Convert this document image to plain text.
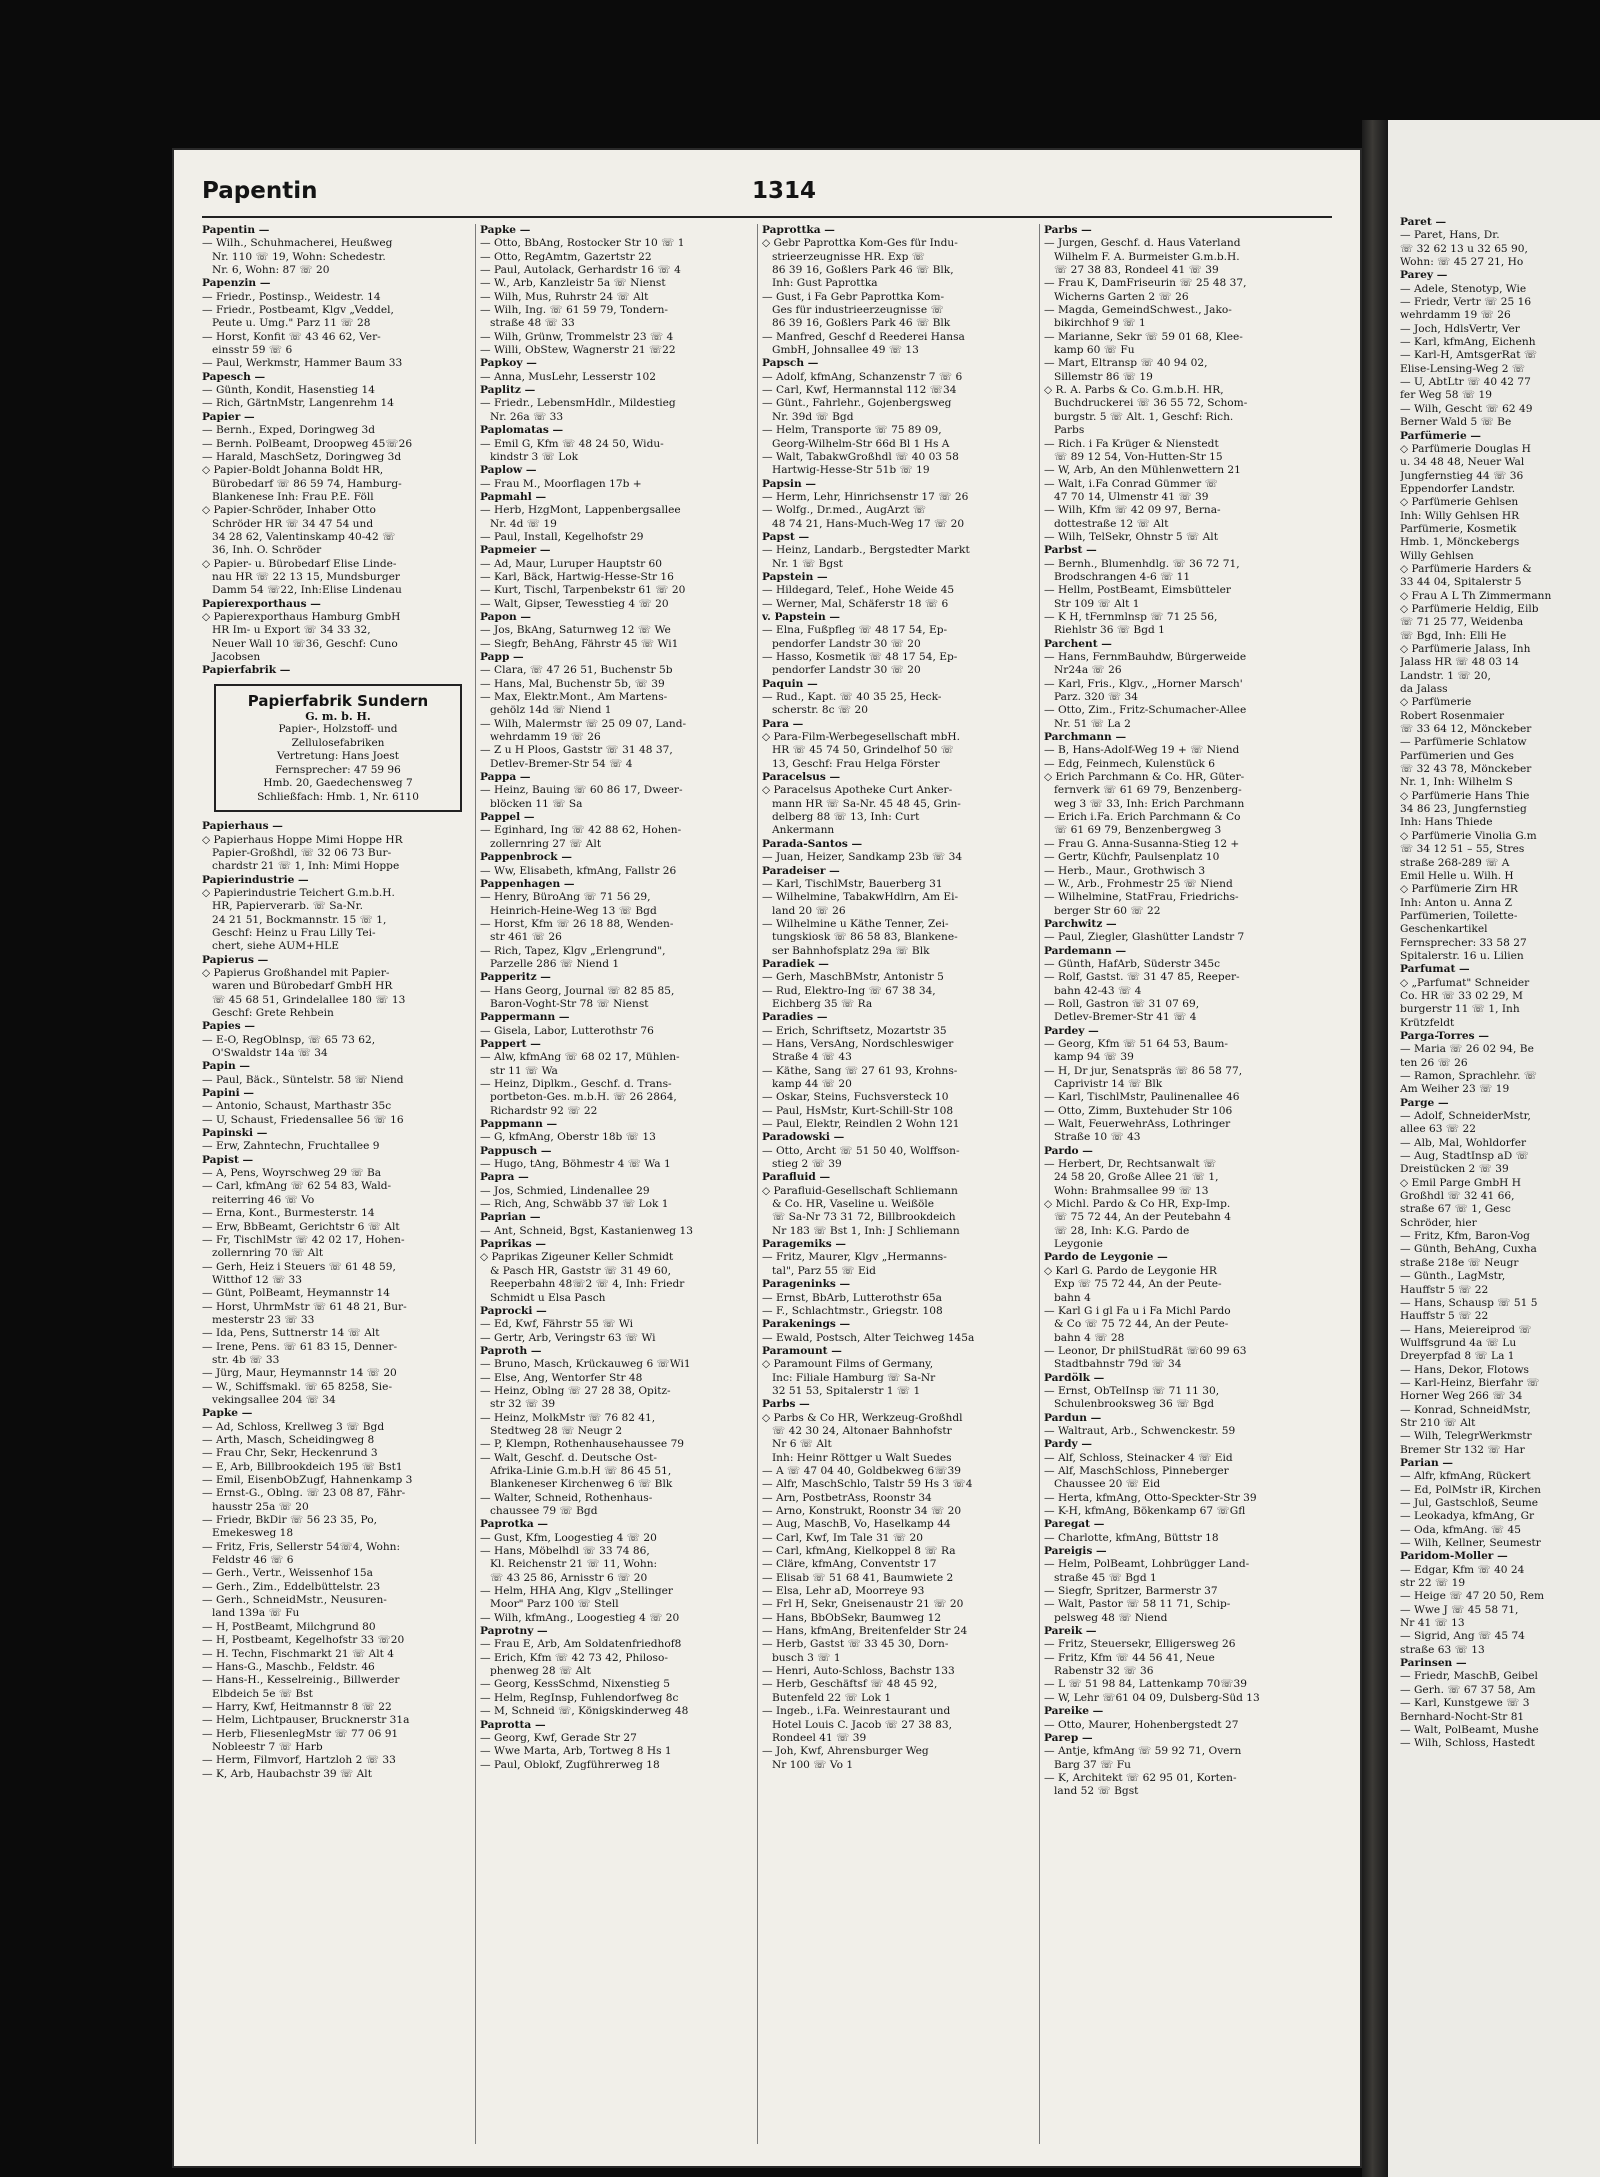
Papentin	1314
Papentin —
— Wilh., Schuhmacherei, Heußweg
Nr. 110 ☏ 19, Wohn: Schedestr.
Nr. 6, Wohn: 87 ☏ 20
Papenzin —
— Friedr., Postinsp., Weidestr. 14
— Friedr., Postbeamt, Klgv „Veddel,
Peute u. Umg." Parz 11 ☏ 28
— Horst, Konfit ☏ 43 46 62, Ver-
einsstr 59 ☏ 6
— Paul, Werkmstr, Hammer Baum 33
Papesch —
— Günth, Kondit, Hasenstieg 14
— Rich, GärtnMstr, Langenrehm 14
Papier —
— Bernh., Exped, Doringweg 3d
— Bernh. PolBeamt, Droopweg 45☏26
— Harald, MaschSetz, Doringweg 3d
◇ Papier-Boldt Johanna Boldt HR,
Bürobedarf ☏ 86 59 74, Hamburg-
Blankenese Inh: Frau P.E. Föll
◇ Papier-Schröder, Inhaber Otto
Schröder HR ☏ 34 47 54 und
34 28 62, Valentinskamp 40-42 ☏
36, Inh. O. Schröder
◇ Papier- u. Bürobedarf Elise Linde-
nau HR ☏ 22 13 15, Mundsburger
Damm 54 ☏22, Inh:Elise Lindenau
Papierexporthaus —
◇ Papierexporthaus Hamburg GmbH
HR Im- u Export ☏ 34 33 32,
Neuer Wall 10 ☏36, Geschf: Cuno
Jacobsen
Papierfabrik —
Papierfabrik Sundern
G. m. b. H.
Papier-, Holzstoff- und
Zellulosefabriken
Vertretung: Hans Joest
Fernsprecher: 47 59 96
Hmb. 20, Gaedechensweg 7
Schließfach: Hmb. 1, Nr. 6110
Papierhaus —
◇ Papierhaus Hoppe Mimi Hoppe HR
Papier-Großhdl, ☏ 32 06 73 Bur-
chardstr 21 ☏ 1, Inh: Mimi Hoppe
Papierindustrie —
◇ Papierindustrie Teichert G.m.b.H.
HR, Papierverarb. ☏ Sa-Nr.
24 21 51, Bockmannstr. 15 ☏ 1,
Geschf: Heinz u Frau Lilly Tei-
chert, siehe AUM+HLE
Papierus —
◇ Papierus Großhandel mit Papier-
waren und Bürobedarf GmbH HR
☏ 45 68 51, Grindelallee 180 ☏ 13
Geschf: Grete Rehbein
Papies —
— E-O, RegOblnsp, ☏ 65 73 62,
O'Swaldstr 14a ☏ 34
Papin —
— Paul, Bäck., Süntelstr. 58 ☏ Niend
Papini —
— Antonio, Schaust, Marthastr 35c
— U, Schaust, Friedensallee 56 ☏ 16
Papinski —
— Erw, Zahntechn, Fruchtallee 9
Papist —
— A, Pens, Woyrschweg 29 ☏ Ba
— Carl, kfmAng ☏ 62 54 83, Wald-
reiterring 46 ☏ Vo
— Erna, Kont., Burmesterstr. 14
— Erw, BbBeamt, Gerichtstr 6 ☏ Alt
— Fr, TischlMstr ☏ 42 02 17, Hohen-
zollernring 70 ☏ Alt
— Gerh, Heiz i Steuers ☏ 61 48 59,
Witthof 12 ☏ 33
— Günt, PolBeamt, Heymannstr 14
— Horst, UhrmMstr ☏ 61 48 21, Bur-
mesterstr 23 ☏ 33
— Ida, Pens, Suttnerstr 14 ☏ Alt
— Irene, Pens. ☏ 61 83 15, Denner-
str. 4b ☏ 33
— Jürg, Maur, Heymannstr 14 ☏ 20
— W., Schiffsmakl. ☏ 65 8258, Sie-
vekingsallee 204 ☏ 34
Papke —
— Ad, Schloss, Krellweg 3 ☏ Bgd
— Arth, Masch, Scheidingweg 8
— Frau Chr, Sekr, Heckenrund 3
— E, Arb, Billbrookdeich 195 ☏ Bst1
— Emil, EisenbObZugf, Hahnenkamp 3
— Ernst-G., Oblng. ☏ 23 08 87, Fähr-
hausstr 25a ☏ 20
— Friedr, BkDir ☏ 56 23 35, Po,
Emekesweg 18
— Fritz, Fris, Sellerstr 54☏4, Wohn:
Feldstr 46 ☏ 6
— Gerh., Vertr., Weissenhof 15a
— Gerh., Zim., Eddelbüttelstr. 23
— Gerh., SchneidMstr., Neusuren-
land 139a ☏ Fu
— H, PostBeamt, Milchgrund 80
— H, Postbeamt, Kegelhofstr 33 ☏20
— H. Techn, Fischmarkt 21 ☏ Alt 4
— Hans-G., Maschb., Feldstr. 46
— Hans-H., Kesselreinig., Billwerder
Elbdeich 5e ☏ Bst
— Harry, Kwf, Heitmannstr 8 ☏ 22
— Helm, Lichtpauser, Brucknerstr 31a
— Herb, FliesenlegMstr ☏ 77 06 91
Nobleestr 7 ☏ Harb
— Herm, Filmvorf, Hartzloh 2 ☏ 33
— K, Arb, Haubachstr 39 ☏ Alt
Papke —
— Otto, BbAng, Rostocker Str 10 ☏ 1
— Otto, RegAmtm, Gazertstr 22
— Paul, Autolack, Gerhardstr 16 ☏ 4
— W., Arb, Kanzleistr 5a ☏ Nienst
— Wilh, Mus, Ruhrstr 24 ☏ Alt
— Wilh, Ing. ☏ 61 59 79, Tondern-
straße 48 ☏ 33
— Wilh, Grünw, Trommelstr 23 ☏ 4
— Willi, ObStew, Wagnerstr 21 ☏22
Papkoy —
— Anna, MusLehr, Lesserstr 102
Paplitz —
— Friedr., LebensmHdlr., Mildestieg
Nr. 26a ☏ 33
Paplomatas —
— Emil G, Kfm ☏ 48 24 50, Widu-
kindstr 3 ☏ Lok
Paplow —
— Frau M., Moorflagen 17b +
Papmahl —
— Herb, HzgMont, Lappenbergsallee
Nr. 4d ☏ 19
— Paul, Install, Kegelhofstr 29
Papmeier —
— Ad, Maur, Luruper Hauptstr 60
— Karl, Bäck, Hartwig-Hesse-Str 16
— Kurt, Tischl, Tarpenbekstr 61 ☏ 20
— Walt, Gipser, Tewesstieg 4 ☏ 20
Papon —
— Jos, BkAng, Saturnweg 12 ☏ We
— Siegfr, BehAng, Fährstr 45 ☏ Wi1
Papp —
— Clara, ☏ 47 26 51, Buchenstr 5b
— Hans, Mal, Buchenstr 5b, ☏ 39
— Max, Elektr.Mont., Am Martens-
gehölz 14d ☏ Niend 1
— Wilh, Malermstr ☏ 25 09 07, Land-
wehrdamm 19 ☏ 26
— Z u H Ploos, Gaststr ☏ 31 48 37,
Detlev-Bremer-Str 54 ☏ 4
Pappa —
— Heinz, Bauing ☏ 60 86 17, Dweer-
blöcken 11 ☏ Sa
Pappel —
— Eginhard, Ing ☏ 42 88 62, Hohen-
zollernring 27 ☏ Alt
Pappenbrock —
— Ww, Elisabeth, kfmAng, Fallstr 26
Pappenhagen —
— Henry, BüroAng ☏ 71 56 29,
Heinrich-Heine-Weg 13 ☏ Bgd
— Horst, Kfm ☏ 26 18 88, Wenden-
str 461 ☏ 26
— Rich, Tapez, Klgv „Erlengrund",
Parzelle 286 ☏ Niend 1
Papperitz —
— Hans Georg, Journal ☏ 82 85 85,
Baron-Voght-Str 78 ☏ Nienst
Pappermann —
— Gisela, Labor, Lutterothstr 76
Pappert —
— Alw, kfmAng ☏ 68 02 17, Mühlen-
str 11 ☏ Wa
— Heinz, Diplkm., Geschf. d. Trans-
portbeton-Ges. m.b.H. ☏ 26 2864,
Richardstr 92 ☏ 22
Pappmann —
— G, kfmAng, Oberstr 18b ☏ 13
Pappusch —
— Hugo, tAng, Böhmestr 4 ☏ Wa 1
Papra —
— Jos, Schmied, Lindenallee 29
— Rich, Ang, Schwäbb 37 ☏ Lok 1
Paprian —
— Ant, Schneid, Bgst, Kastanienweg 13
Paprikas —
◇ Paprikas Zigeuner Keller Schmidt
& Pasch HR, Gaststr ☏ 31 49 60,
Reeperbahn 48☏2 ☏ 4, Inh: Friedr
Schmidt u Elsa Pasch
Paprocki —
— Ed, Kwf, Fährstr 55 ☏ Wi
— Gertr, Arb, Veringstr 63 ☏ Wi
Paproth —
— Bruno, Masch, Krückauweg 6 ☏Wi1
— Else, Ang, Wentorfer Str 48
— Heinz, Oblng ☏ 27 28 38, Opitz-
str 32 ☏ 39
— Heinz, MolkMstr ☏ 76 82 41,
Stedtweg 28 ☏ Neugr 2
— P, Klempn, Rothenhausehaussee 79
— Walt, Geschf. d. Deutsche Ost-
Afrika-Linie G.m.b.H ☏ 86 45 51,
Blankeneser Kirchenweg 6 ☏ Blk
— Walter, Schneid, Rothenhaus-
chaussee 79 ☏ Bgd
Paprotka —
— Gust, Kfm, Loogestieg 4 ☏ 20
— Hans, Möbelhdl ☏ 33 74 86,
Kl. Reichenstr 21 ☏ 11, Wohn:
☏ 43 25 86, Arnisstr 6 ☏ 20
— Helm, HHA Ang, Klgv „Stellinger
Moor" Parz 100 ☏ Stell
— Wilh, kfmAng., Loogestieg 4 ☏ 20
Paprotny —
— Frau E, Arb, Am Soldatenfriedhof8
— Erich, Kfm ☏ 42 73 42, Philoso-
phenweg 28 ☏ Alt
— Georg, KessSchmd, Nixenstieg 5
— Helm, RegInsp, Fuhlendorfweg 8c
— M, Schneid ☏, Königskinderweg 48
Paprotta —
— Georg, Kwf, Gerade Str 27
— Wwe Marta, Arb, Tortweg 8 Hs 1
— Paul, Oblokf, Zugführerweg 18
Paprottka —
◇ Gebr Paprottka Kom-Ges für Indu-
strieerzeugnisse HR. Exp ☏
86 39 16, Goßlers Park 46 ☏ Blk,
Inh: Gust Paprottka
— Gust, i Fa Gebr Paprottka Kom-
Ges für industrieerzeugnisse ☏
86 39 16, Goßlers Park 46 ☏ Blk
— Manfred, Geschf d Reederei Hansa
GmbH, Johnsallee 49 ☏ 13
Papsch —
— Adolf, kfmAng, Schanzenstr 7 ☏ 6
— Carl, Kwf, Hermannstal 112 ☏34
— Günt., Fahrlehr., Gojenbergsweg
Nr. 39d ☏ Bgd
— Helm, Transporte ☏ 75 89 09,
Georg-Wilhelm-Str 66d Bl 1 Hs A
— Walt, TabakwGroßhdl ☏ 40 03 58
Hartwig-Hesse-Str 51b ☏ 19
Papsin —
— Herm, Lehr, Hinrichsenstr 17 ☏ 26
— Wolfg., Dr.med., AugArzt ☏
48 74 21, Hans-Much-Weg 17 ☏ 20
Papst —
— Heinz, Landarb., Bergstedter Markt
Nr. 1 ☏ Bgst
Papstein —
— Hildegard, Telef., Hohe Weide 45
— Werner, Mal, Schäferstr 18 ☏ 6
v. Papstein —
— Elna, Fußpfleg ☏ 48 17 54, Ep-
pendorfer Landstr 30 ☏ 20
— Hasso, Kosmetik ☏ 48 17 54, Ep-
pendorfer Landstr 30 ☏ 20
Paquin —
— Rud., Kapt. ☏ 40 35 25, Heck-
scherstr. 8c ☏ 20
Para —
◇ Para-Film-Werbegesellschaft mbH.
HR ☏ 45 74 50, Grindelhof 50 ☏
13, Geschf: Frau Helga Förster
Paracelsus —
◇ Paracelsus Apotheke Curt Anker-
mann HR ☏ Sa-Nr. 45 48 45, Grin-
delberg 88 ☏ 13, Inh: Curt
Ankermann
Parada-Santos —
— Juan, Heizer, Sandkamp 23b ☏ 34
Paradeiser —
— Karl, TischlMstr, Bauerberg 31
— Wilhelmine, TabakwHdlrn, Am Ei-
land 20 ☏ 26
— Wilhelmine u Käthe Tenner, Zei-
tungskiosk ☏ 86 58 83, Blankene-
ser Bahnhofsplatz 29a ☏ Blk
Paradiek —
— Gerh, MaschBMstr, Antonistr 5
— Rud, Elektro-Ing ☏ 67 38 34,
Eichberg 35 ☏ Ra
Paradies —
— Erich, Schriftsetz, Mozartstr 35
— Hans, VersAng, Nordschleswiger
Straße 4 ☏ 43
— Käthe, Sang ☏ 27 61 93, Krohns-
kamp 44 ☏ 20
— Oskar, Steins, Fuchsversteck 10
— Paul, HsMstr, Kurt-Schill-Str 108
— Paul, Elektr, Reindlen 2 Wohn 121
Paradowski —
— Otto, Archt ☏ 51 50 40, Wolffson-
stieg 2 ☏ 39
Parafluid —
◇ Parafluid-Gesellschaft Schliemann
& Co. HR, Vaseline u. Weißöle
☏ Sa-Nr 73 31 72, Billbrookdeich
Nr 183 ☏ Bst 1, Inh: J Schliemann
Paragemiks —
— Fritz, Maurer, Klgv „Hermanns-
tal", Parz 55 ☏ Eid
Parageninks —
— Ernst, BbArb, Lutterothstr 65a
— F., Schlachtmstr., Griegstr. 108
Parakenings —
— Ewald, Postsch, Alter Teichweg 145a
Paramount —
◇ Paramount Films of Germany,
Inc: Filiale Hamburg ☏ Sa-Nr
32 51 53, Spitalerstr 1 ☏ 1
Parbs —
◇ Parbs & Co HR, Werkzeug-Großhdl
☏ 42 30 24, Altonaer Bahnhofstr
Nr 6 ☏ Alt
Inh: Heinr Röttger u Walt Suedes
— A ☏ 47 04 40, Goldbekweg 6☏39
— Alfr, MaschSchlo, Talstr 59 Hs 3 ☏4
— Arn, PostbetrAss, Roonstr 34
— Arno, Konstrukt, Roonstr 34 ☏ 20
— Aug, MaschB, Vo, Haselkamp 44
— Carl, Kwf, Im Tale 31 ☏ 20
— Carl, kfmAng, Kielkoppel 8 ☏ Ra
— Cläre, kfmAng, Conventstr 17
— Elisab ☏ 51 68 41, Baumwiete 2
— Elsa, Lehr aD, Moorreye 93
— Frl H, Sekr, Gneisenaustr 21 ☏ 20
— Hans, BbObSekr, Baumweg 12
— Hans, kfmAng, Breitenfelder Str 24
— Herb, Gastst ☏ 33 45 30, Dorn-
busch 3 ☏ 1
— Henri, Auto-Schloss, Bachstr 133
— Herb, Geschäftsf ☏ 48 45 92,
Butenfeld 22 ☏ Lok 1
— Ingeb., i.Fa. Weinrestaurant und
Hotel Louis C. Jacob ☏ 27 38 83,
Rondeel 41 ☏ 39
— Joh, Kwf, Ahrensburger Weg
Nr 100 ☏ Vo 1
Parbs —
— Jurgen, Geschf. d. Haus Vaterland
Wilhelm F. A. Burmeister G.m.b.H.
☏ 27 38 83, Rondeel 41 ☏ 39
— Frau K, DamFriseurin ☏ 25 48 37,
Wicherns Garten 2 ☏ 26
— Magda, GemeindSchwest., Jako-
bikirchhof 9 ☏ 1
— Marianne, Sekr ☏ 59 01 68, Klee-
kamp 60 ☏ Fu
— Mart, Eltransp ☏ 40 94 02,
Sillemstr 86 ☏ 19
◇ R. A. Parbs & Co. G.m.b.H. HR,
Buchdruckerei ☏ 36 55 72, Schom-
burgstr. 5 ☏ Alt. 1, Geschf: Rich.
Parbs
— Rich. i Fa Krüger & Nienstedt
☏ 89 12 54, Von-Hutten-Str 15
— W, Arb, An den Mühlenwettern 21
— Walt, i.Fa Conrad Gümmer ☏
47 70 14, Ulmenstr 41 ☏ 39
— Wilh, Kfm ☏ 42 09 97, Berna-
dottestraße 12 ☏ Alt
— Wilh, TelSekr, Ohnstr 5 ☏ Alt
Parbst —
— Bernh., Blumenhdlg. ☏ 36 72 71,
Brodschrangen 4-6 ☏ 11
— Hellm, PostBeamt, Eimsbütteler
Str 109 ☏ Alt 1
— K H, tFernmlnsp ☏ 71 25 56,
Riehlstr 36 ☏ Bgd 1
Parchent —
— Hans, FernmBauhdw, Bürgerweide
Nr24a ☏ 26
— Karl, Fris., Klgv., „Horner Marsch'
Parz. 320 ☏ 34
— Otto, Zim., Fritz-Schumacher-Allee
Nr. 51 ☏ La 2
Parchmann —
— B, Hans-Adolf-Weg 19 + ☏ Niend
— Edg, Feinmech, Kulenstück 6
◇ Erich Parchmann & Co. HR, Güter-
fernverk ☏ 61 69 79, Benzenberg-
weg 3 ☏ 33, Inh: Erich Parchmann
— Erich i.Fa. Erich Parchmann & Co
☏ 61 69 79, Benzenbergweg 3
— Frau G. Anna-Susanna-Stieg 12 +
— Gertr, Küchfr, Paulsenplatz 10
— Herb., Maur., Grothwisch 3
— W., Arb., Frohmestr 25 ☏ Niend
— Wilhelmine, StatFrau, Friedrichs-
berger Str 60 ☏ 22
Parchwitz —
— Paul, Ziegler, Glashütter Landstr 7
Pardemann —
— Günth, HafArb, Süderstr 345c
— Rolf, Gastst. ☏ 31 47 85, Reeper-
bahn 42-43 ☏ 4
— Roll, Gastron ☏ 31 07 69,
Detlev-Bremer-Str 41 ☏ 4
Pardey —
— Georg, Kfm ☏ 51 64 53, Baum-
kamp 94 ☏ 39
— H, Dr jur, Senatspräs ☏ 86 58 77,
Caprivistr 14 ☏ Blk
— Karl, TischlMstr, Paulinenallee 46
— Otto, Zimm, Buxtehuder Str 106
— Walt, FeuerwehrAss, Lothringer
Straße 10 ☏ 43
Pardo —
— Herbert, Dr, Rechtsanwalt ☏
24 58 20, Große Allee 21 ☏ 1,
Wohn: Brahmsallee 99 ☏ 13
◇ Michl. Pardo & Co HR, Exp-Imp.
☏ 75 72 44, An der Peutebahn 4
☏ 28, Inh: K.G. Pardo de
Leygonie
Pardo de Leygonie —
◇ Karl G. Pardo de Leygonie HR
Exp ☏ 75 72 44, An der Peute-
bahn 4
— Karl G i gl Fa u i Fa Michl Pardo
& Co ☏ 75 72 44, An der Peute-
bahn 4 ☏ 28
— Leonor, Dr philStudRät ☏60 99 63
Stadtbahnstr 79d ☏ 34
Pardölk —
— Ernst, ObTelInsp ☏ 71 11 30,
Schulenbrooksweg 36 ☏ Bgd
Pardun —
— Waltraut, Arb., Schwenckestr. 59
Pardy —
— Alf, Schloss, Steinacker 4 ☏ Eid
— Alf, MaschSchloss, Pinneberger
Chaussee 20 ☏ Eid
— Herta, kfmAng, Otto-Speckter-Str 39
— K-H, kfmAng, Bökenkamp 67 ☏Gfl
Paregat —
— Charlotte, kfmAng, Büttstr 18
Pareigis —
— Helm, PolBeamt, Lohbrügger Land-
straße 45 ☏ Bgd 1
— Siegfr, Spritzer, Barmerstr 37
— Walt, Pastor ☏ 58 11 71, Schip-
pelsweg 48 ☏ Niend
Pareik —
— Fritz, Steuersekr, Elligersweg 26
— Fritz, Kfm ☏ 44 56 41, Neue
Rabenstr 32 ☏ 36
— L ☏ 51 98 84, Lattenkamp 70☏39
— W, Lehr ☏61 04 09, Dulsberg-Süd 13
Pareike —
— Otto, Maurer, Hohenbergstedt 27
Parep —
— Antje, kfmAng ☏ 59 92 71, Overn
Barg 37 ☏ Fu
— K, Architekt ☏ 62 95 01, Korten-
land 52 ☏ Bgst
Paret —
— Paret, Hans, Dr.
☏ 32 62 13 u 32 65 90,
Wohn: ☏ 45 27 21, Ho
Parey —
— Adele, Stenotyp, Wie
— Friedr, Vertr ☏ 25 16
wehrdamm 19 ☏ 26
— Joch, HdlsVertr, Ver
— Karl, kfmAng, Eichenh
— Karl-H, AmtsgerRat ☏
Elise-Lensing-Weg 2 ☏
— U, AbtLtr ☏ 40 42 77
fer Weg 58 ☏ 19
— Wilh, Gescht ☏ 62 49
Berner Wald 5 ☏ Be
Parfümerie —
◇ Parfümerie Douglas H
u. 34 48 48, Neuer Wal
Jungfernstieg 44 ☏ 36
Eppendorfer Landstr.
◇ Parfümerie Gehlsen
Inh: Willy Gehlsen HR
Parfümerie, Kosmetik
Hmb. 1, Mönckebergs
Willy Gehlsen
◇ Parfümerie Harders &
33 44 04, Spitalerstr 5
◇ Frau A L Th Zimmermann
◇ Parfümerie Heldig, Eilb
☏ 71 25 77, Weidenba
☏ Bgd, Inh: Elli He
◇ Parfümerie Jalass, Inh
Jalass HR ☏ 48 03 14
Landstr. 1 ☏ 20,
da Jalass
◇ Parfümerie
Robert Rosenmaier
☏ 33 64 12, Mönckeber
— Parfümerie Schlatow
Parfümerien und Ges
☏ 32 43 78, Mönckeber
Nr. 1, Inh: Wilhelm S
◇ Parfümerie Hans Thie
34 86 23, Jungfernstieg
Inh: Hans Thiede
◇ Parfümerie Vinolia G.m
☏ 34 12 51 – 55, Stres
straße 268-289 ☏ A
Emil Helle u. Wilh. H
◇ Parfümerie Zirn HR
Inh: Anton u. Anna Z
Parfümerien, Toilette-
Geschenkartikel
Fernsprecher: 33 58 27
Spitalerstr. 16 u. Lilien
Parfumat —
◇ „Parfumat" Schneider
Co. HR ☏ 33 02 29, M
burgerstr 11 ☏ 1, Inh
Krützfeldt
Parga-Torres —
— Maria ☏ 26 02 94, Be
ten 26 ☏ 26
— Ramon, Sprachlehr. ☏
Am Weiher 23 ☏ 19
Parge —
— Adolf, SchneiderMstr,
allee 63 ☏ 22
— Alb, Mal, Wohldorfer
— Aug, StadtInsp aD ☏
Dreistücken 2 ☏ 39
◇ Emil Parge GmbH H
Großhdl ☏ 32 41 66,
straße 67 ☏ 1, Gesc
Schröder, hier
— Fritz, Kfm, Baron-Vog
— Günth, BehAng, Cuxha
straße 218e ☏ Neugr
— Günth., LagMstr,
Hauffstr 5 ☏ 22
— Hans, Schausp ☏ 51 5
Hauffstr 5 ☏ 22
— Hans, Meiereiprod ☏
Wulffsgrund 4a ☏ Lu
Dreyerpfad 8 ☏ La 1
— Hans, Dekor, Flotows
— Karl-Heinz, Bierfahr ☏
Horner Weg 266 ☏ 34
— Konrad, SchneidMstr,
Str 210 ☏ Alt
— Wilh, TelegrWerkmstr
Bremer Str 132 ☏ Har
Parian —
— Alfr, kfmAng, Rückert
— Ed, PolMstr iR, Kirchen
— Jul, Gastschloß, Seume
— Leokadya, kfmAng, Gr
— Oda, kfmAng. ☏ 45
— Wilh, Kellner, Seumestr
Paridom-Moller —
— Edgar, Kfm ☏ 40 24
str 22 ☏ 19
— Heige ☏ 47 20 50, Rem
— Wwe J ☏ 45 58 71,
Nr 41 ☏ 13
— Sigrid, Ang ☏ 45 74
straße 63 ☏ 13
Parinsen —
— Friedr, MaschB, Geibel
— Gerh. ☏ 67 37 58, Am
— Karl, Kunstgewe ☏ 3
Bernhard-Nocht-Str 81
— Walt, PolBeamt, Mushe
— Wilh, Schloss, Hastedt
